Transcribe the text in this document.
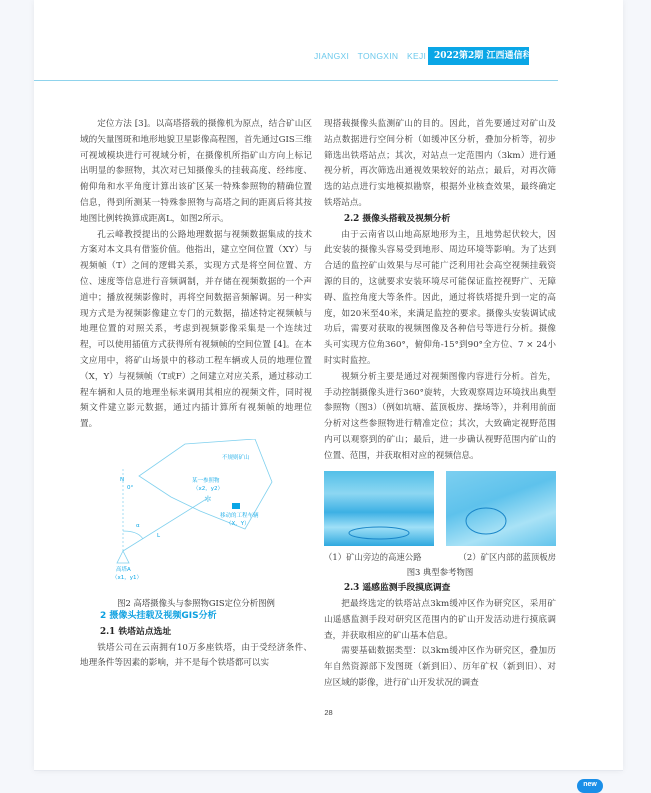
JIANGXI TONGXIN KEJI 2022第2期 江西通信科技

定位方法 [3]。以高塔搭载的摄像机为原点，结合矿山区域的矢量图斑和地形地貌卫星影像高程图，首先通过GIS三维可视域模块进行可视域分析，在摄像机所指矿山方向上标记出明显的参照物，其次对已知摄像头的挂载高度、经纬度、俯仰角和水平角度计算出该矿区某一特殊参照物的精确位置信息，得到所测某一特殊参照物与高塔之间的距离后将其按地图比例转换算成距离L，如图2所示。

孔云峰教授提出的公路地理数据与视频数据集成的技术方案对本文具有借鉴价值。他指出，建立空间位置（XY）与视频帧（T）之间的逻辑关系，实现方式是将空间位置、方位、速度等信息进行音频调制，并存储在视频数据的一个声道中；播放视频影像时，再将空间数据音频解调。另一种实现方式是为视频影像建立专门的元数据，描述特定视频帧与地理位置的对照关系，考虑到视频影像采集是一个连续过程，可以使用插值方式获得所有视频帧的空间位置 [4]。在本文应用中，将矿山场景中的移动工程车辆或人员的地理位置（X，Y）与视频帧（T或F）之间建立对应关系，通过移动工程车辆和人员的地理坐标来调用其相应的视频文件，同时视频文件建立影元数据，通过内插计算所有视频帧的地理位置。

✲
不规则矿山
某一参照物
（x2，y2）
移动的工程车辆
（X，Y）
N
0°
α
L
高塔A
（x1，y1）

图2 高塔摄像头与参照物GIS定位分析图例

2 摄像头挂载及视频GIS分析

2.1 铁塔站点选址

铁塔公司在云南拥有10万多座铁塔，由于受经济条件、地理条件等因素的影响，并不是每个铁塔都可以实

现搭载摄像头监测矿山的目的。因此，首先要通过对矿山及站点数据进行空间分析（如缓冲区分析，叠加分析等，初步筛选出铁塔站点；其次，对站点一定范围内（3km）进行通视分析，再次筛选出通视效果较好的站点；最后，对再次筛选的站点进行实地模拟勘察，根据外业核查效果，最终确定铁塔站点。

2.2 摄像头搭载及视频分析

由于云南省以山地高原地形为主，且地势起伏较大，因此安装的摄像头容易受到地形、周边环境等影响。为了达到合适的监控矿山效果与尽可能广泛利用社会高空视频挂载资源的目的，这就要求安装环境尽可能保证监控视野广、无障碍、监控角度大等条件。因此，通过将铁塔提升到一定的高度，如20米至40米，来满足监控的要求。摄像头安装调试成功后，需要对获取的视频图像及各种信号等进行分析。摄像头可实现方位角360°，俯仰角-15°到90°全方位、7 × 24小时实时监控。

视频分析主要是通过对视频图像内容进行分析。首先，手动控制摄像头进行360°旋转，大致观察周边环境找出典型参照物（图3）（例如坑塘、蓝顶板房、操场等），并利用前面分析对这些参照物进行精准定位；其次，大致确定视野范围内可以观察到的矿山；最后，进一步确认视野范围内矿山的位置、范围，并获取相对应的视频信息。

（1）矿山旁边的高速公路	（2）矿区内部的蓝顶板房

图3 典型参考物图

2.3 遥感监测手段摸底调查

把最终选定的铁塔站点3km缓冲区作为研究区，采用矿山遥感监测手段对研究区范围内的矿山开发活动进行摸底调查，并获取相应的矿山基本信息。

需要基础数据类型：以3km缓冲区作为研究区，叠加历年自然资源部下发图斑（新到旧）、历年矿权（新到旧）、对应区域的影像，进行矿山开发状况的调查

28
new
